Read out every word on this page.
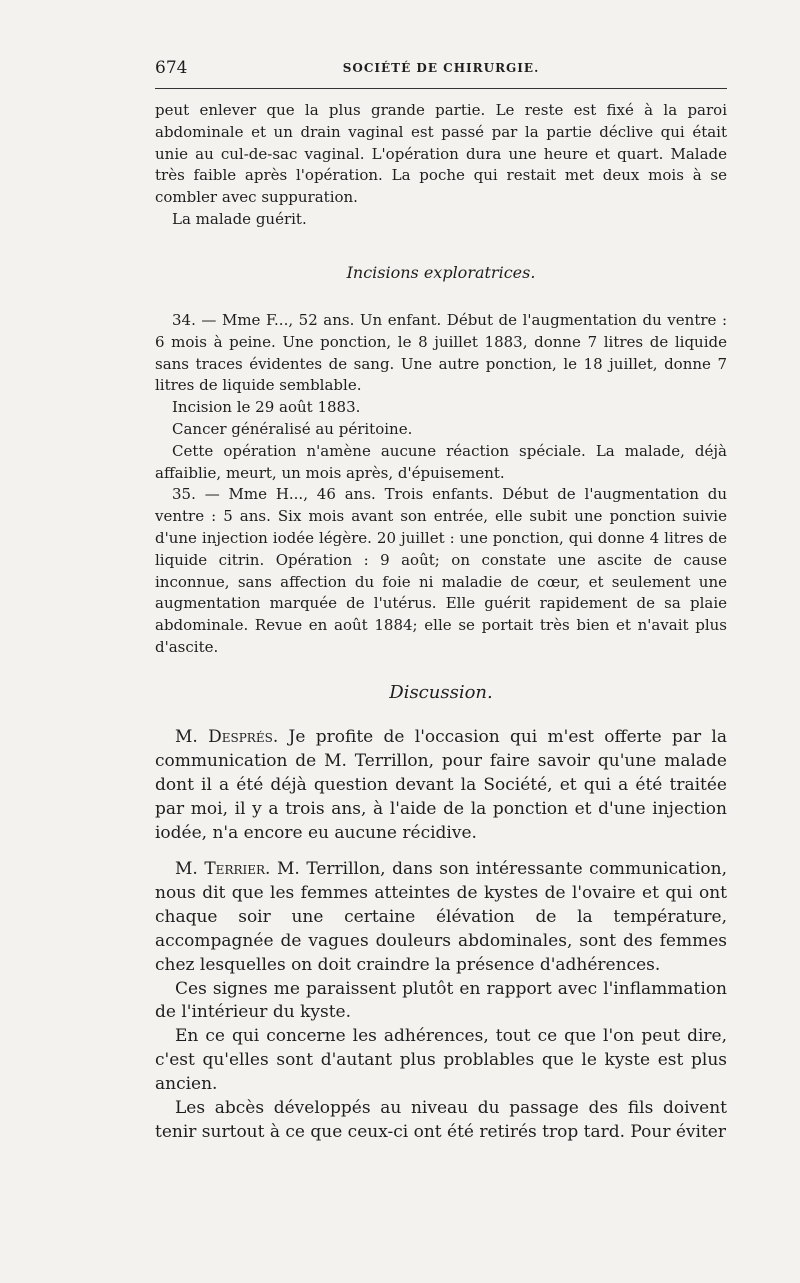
674	SOCIÉTÉ DE CHIRURGIE.

peut enlever que la plus grande partie. Le reste est fixé à la paroi abdominale et un drain vaginal est passé par la partie déclive qui était unie au cul-de-sac vaginal. L'opération dura une heure et quart. Malade très faible après l'opération. La poche qui restait met deux mois à se combler avec suppuration.

La malade guérit.

Incisions exploratrices.

34. — Mme F..., 52 ans. Un enfant. Début de l'augmentation du ventre : 6 mois à peine. Une ponction, le 8 juillet 1883, donne 7 litres de liquide sans traces évidentes de sang. Une autre ponction, le 18 juillet, donne 7 litres de liquide semblable.

Incision le 29 août 1883.

Cancer généralisé au péritoine.

Cette opération n'amène aucune réaction spéciale. La malade, déjà affaiblie, meurt, un mois après, d'épuisement.

35. — Mme H..., 46 ans. Trois enfants. Début de l'augmentation du ventre : 5 ans. Six mois avant son entrée, elle subit une ponction suivie d'une injection iodée légère. 20 juillet : une ponction, qui donne 4 litres de liquide citrin. Opération : 9 août; on constate une ascite de cause inconnue, sans affection du foie ni maladie de cœur, et seulement une augmentation marquée de l'utérus. Elle guérit rapidement de sa plaie abdominale. Revue en août 1884; elle se portait très bien et n'avait plus d'ascite.

Discussion.

M. Després. Je profite de l'occasion qui m'est offerte par la communication de M. Terrillon, pour faire savoir qu'une malade dont il a été déjà question devant la Société, et qui a été traitée par moi, il y a trois ans, à l'aide de la ponction et d'une injection iodée, n'a encore eu aucune récidive.

M. Terrier. M. Terrillon, dans son intéressante communication, nous dit que les femmes atteintes de kystes de l'ovaire et qui ont chaque soir une certaine élévation de la température, accompagnée de vagues douleurs abdominales, sont des femmes chez lesquelles on doit craindre la présence d'adhérences.

Ces signes me paraissent plutôt en rapport avec l'inflammation de l'intérieur du kyste.

En ce qui concerne les adhérences, tout ce que l'on peut dire, c'est qu'elles sont d'autant plus problables que le kyste est plus ancien.

Les abcès développés au niveau du passage des fils doivent tenir surtout à ce que ceux-ci ont été retirés trop tard. Pour éviter
